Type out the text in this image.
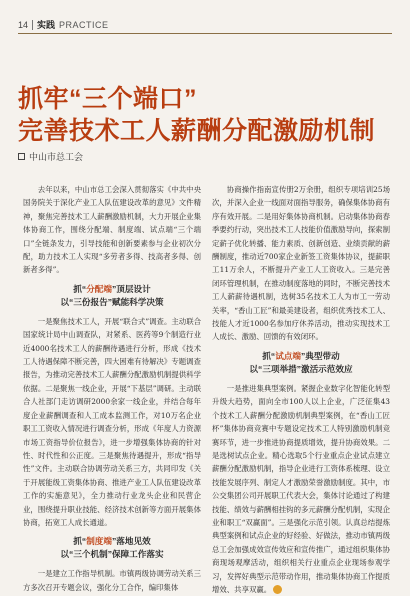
14 实践 PRACTICE
抓牢“三个端口”
完善技术工人薪酬分配激励机制
中山市总工会

去年以来，中山市总工会深入贯彻落实《中共中央国务院关于深化产业工人队伍建设改革的意见》文件精神，聚焦完善技术工人薪酬激励机制，大力开展企业集体协商工作，围绕分配端、制度端、试点端“三个端口”全链条发力，引导技能和创新要素参与企业初次分配，助力技术工人实现“多劳者多得、技高者多得、创新者多得”。

抓“分配端”顶层设计
以“三份报告”赋能科学决策

一是聚焦技术工人，开展“联合式”调查。主动联合国家统计局中山调查队，对紧系、医药等9个制造行业近4000名技术工人的薪酬待遇进行分析，形成《技术工人待遇保障不断完善，四大困难有待解决》专题调查报告，为推动完善技术工人薪酬分配激励机制提供科学依据。二是聚焦一线企业，开展“下基层”调研。主动联合人社部门走访调研2000余家一线企业，并结合每年度企业薪酬调查和人工成本监测工作，对10万名企业职工工资收入情况进行调查分析，形成《年度人力资源市场工资指导价位报告》，进一步增强集体协商的针对性、时代性和公正度。三是聚焦待遇提升，形成“指导性”文件。主动联合协调劳动关系三方，共同印发《关于开展能级工资集体协商、推进产业工人队伍建设改革工作的实施意见》，全力推动行业龙头企业和民营企业，围绕提升职业技能、经济技术创新等方面开展集体协商，拓宽工人成长通道。

抓“制度端”落地见效
以“三个机制”保障工作落实

一是建立工作指导机制。市镇两级协调劳动关系三方多次召开专题会议，强化分工合作，编印集体

协商操作指南宣传册2万余册，组织专项培训25场次，并深入企业一线面对面指导服务，确保集体协商有序有效开展。二是用好集体协商机制。启动集体协商春季要约行动，突出技术工人技能价值激励导向，探索制定薪子优化转播、能力素质、创新创造、业绩贡献的薪酬制度，推动近700家企业新签工资集体协议，提薪职工11万余人，不断提升产业工人工资收入。三是完善闭环管理机制，在推动制度落地的同时，不断完善技术工人薪薪待遇机制，选树35名技术工人为市工一劳动关率，“香山工匠”和最美建设者，组织优秀技术工人、技能人才近1000名参加疗休养活动，推动实现技术工人成长、激励、回馈的有效闭环。

抓“试点端”典型带动
以“三项举措”激活示范效应

一是推进集典型案例。紧握企业数字化智能化转型升级大趋势，面向全市100人以上企业，广泛征集43个技术工人薪酬分配激励机制典型案例，在“香山工匠杯”集体协商竞赛中专题设定技术工人特别激励机制竞赛环节，进一步推进协商提质增效，提升协商效果。二是选树试点企业。精心选取5个行业重点企业试点建立薪酬分配激励机制，指导企业进行工资体系梳理、设立技能发展序列、制定人才激励荣誉激励制度。其中，市公交集团公司开展职工代表大会，集体讨论通过了构建技能、绩效与薪酬相挂钩的多元薪酬分配机制，实现企业和职工“双赢面”。三是强化示范引领。认真总结提炼典型案例和试点企业的好经验、好做法，推动市镇两级总工会加强成效宣传效应和宣传推广，通过组织集体协商现场观摩活动，组织相关行业重点企业现场参观学习，发挥好典型示范带动作用，推动集体协商工作提质增效、共享双赢。
